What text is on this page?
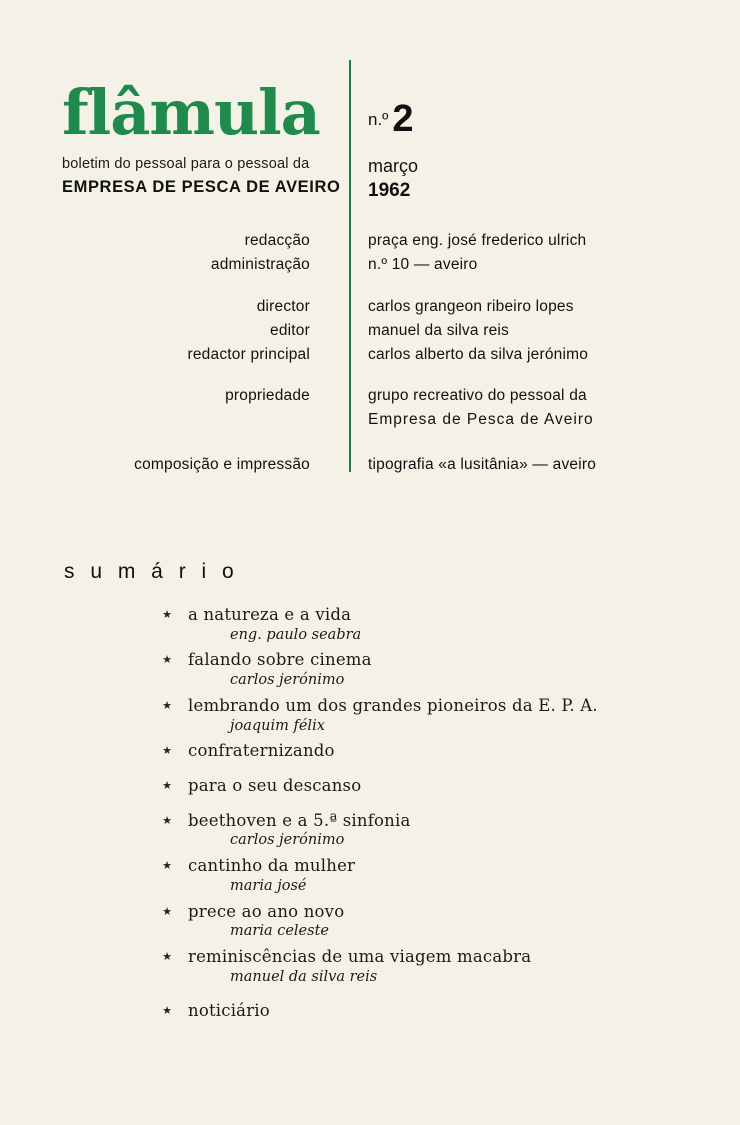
flâmula
boletim do pessoal para o pessoal da
EMPRESA DE PESCA DE AVEIRO
n.º 2
março
1962
redacção	praça eng. josé frederico ulrich
administração	n.º 10 — aveiro
director	carlos grangeon ribeiro lopes
editor	manuel da silva reis
redactor principal	carlos alberto da silva jerónimo
propriedade	grupo recreativo do pessoal da
Empresa de Pesca de Aveiro
composição e impressão	tipografia «a lusitânia» — aveiro
s u m á r i o
★ a natureza e a vida
eng. paulo seabra
★ falando sobre cinema
carlos jerónimo
★ lembrando um dos grandes pioneiros da E. P. A.
joaquim félix
★ confraternizando
★ para o seu descanso
★ beethoven e a 5.ª sinfonia
carlos jerónimo
★ cantinho da mulher
maria josé
★ prece ao ano novo
maria celeste
★ reminiscências de uma viagem macabra
manuel da silva reis
★ noticiário
